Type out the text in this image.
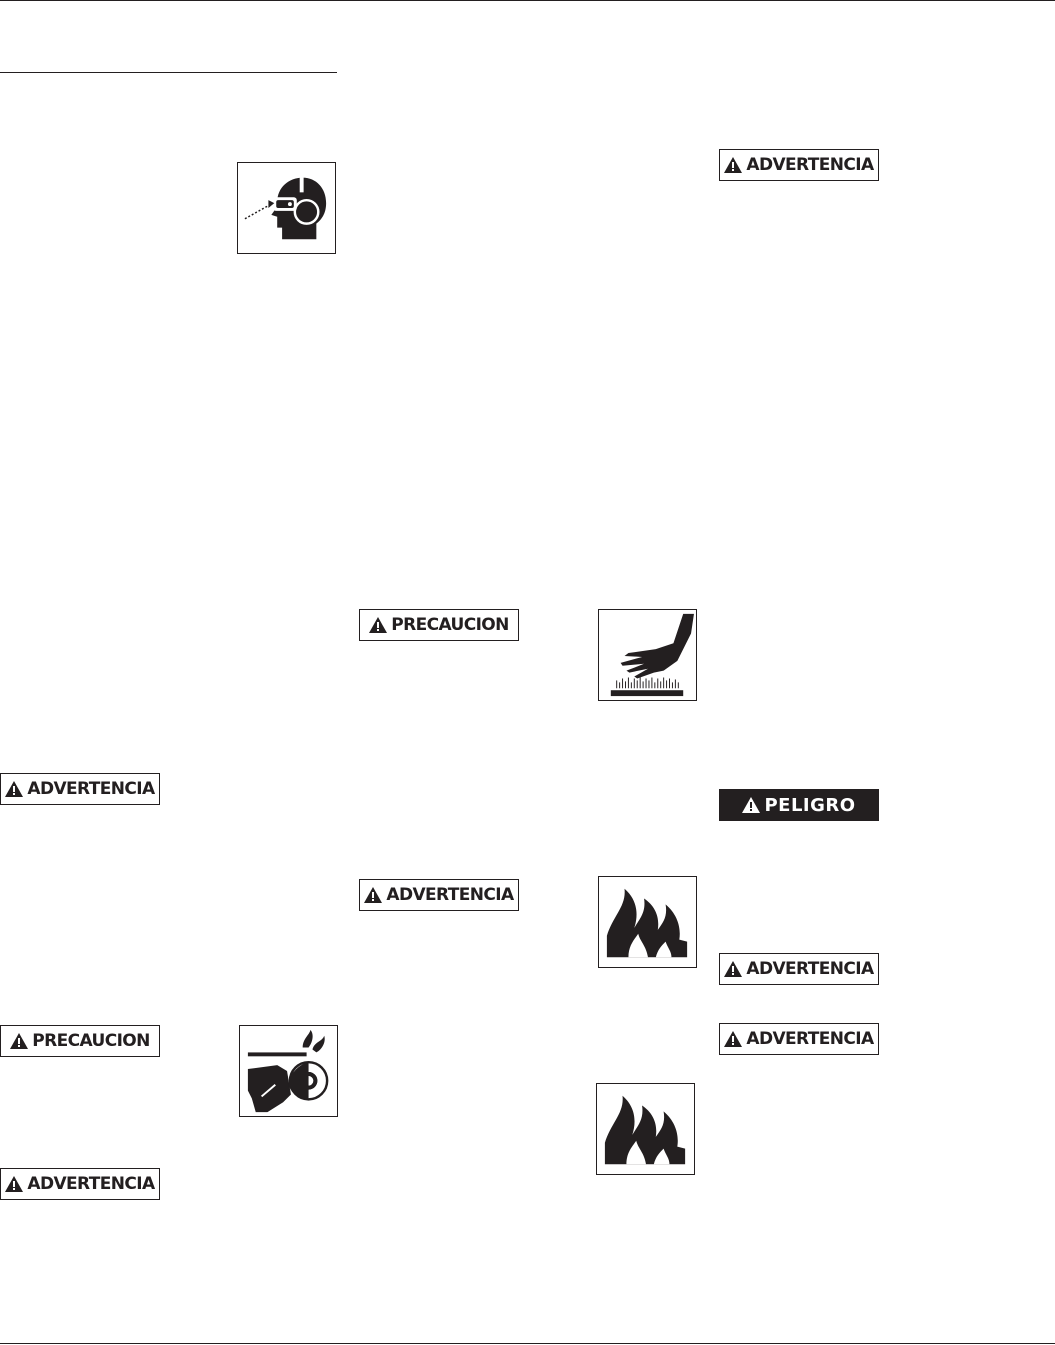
ADVERTENCIA
ADVERTENCIA
PRECAUCION
ADVERTENCIA
PRECAUCION
ADVERTENCIA
PELIGRO
ADVERTENCIA
ADVERTENCIA
